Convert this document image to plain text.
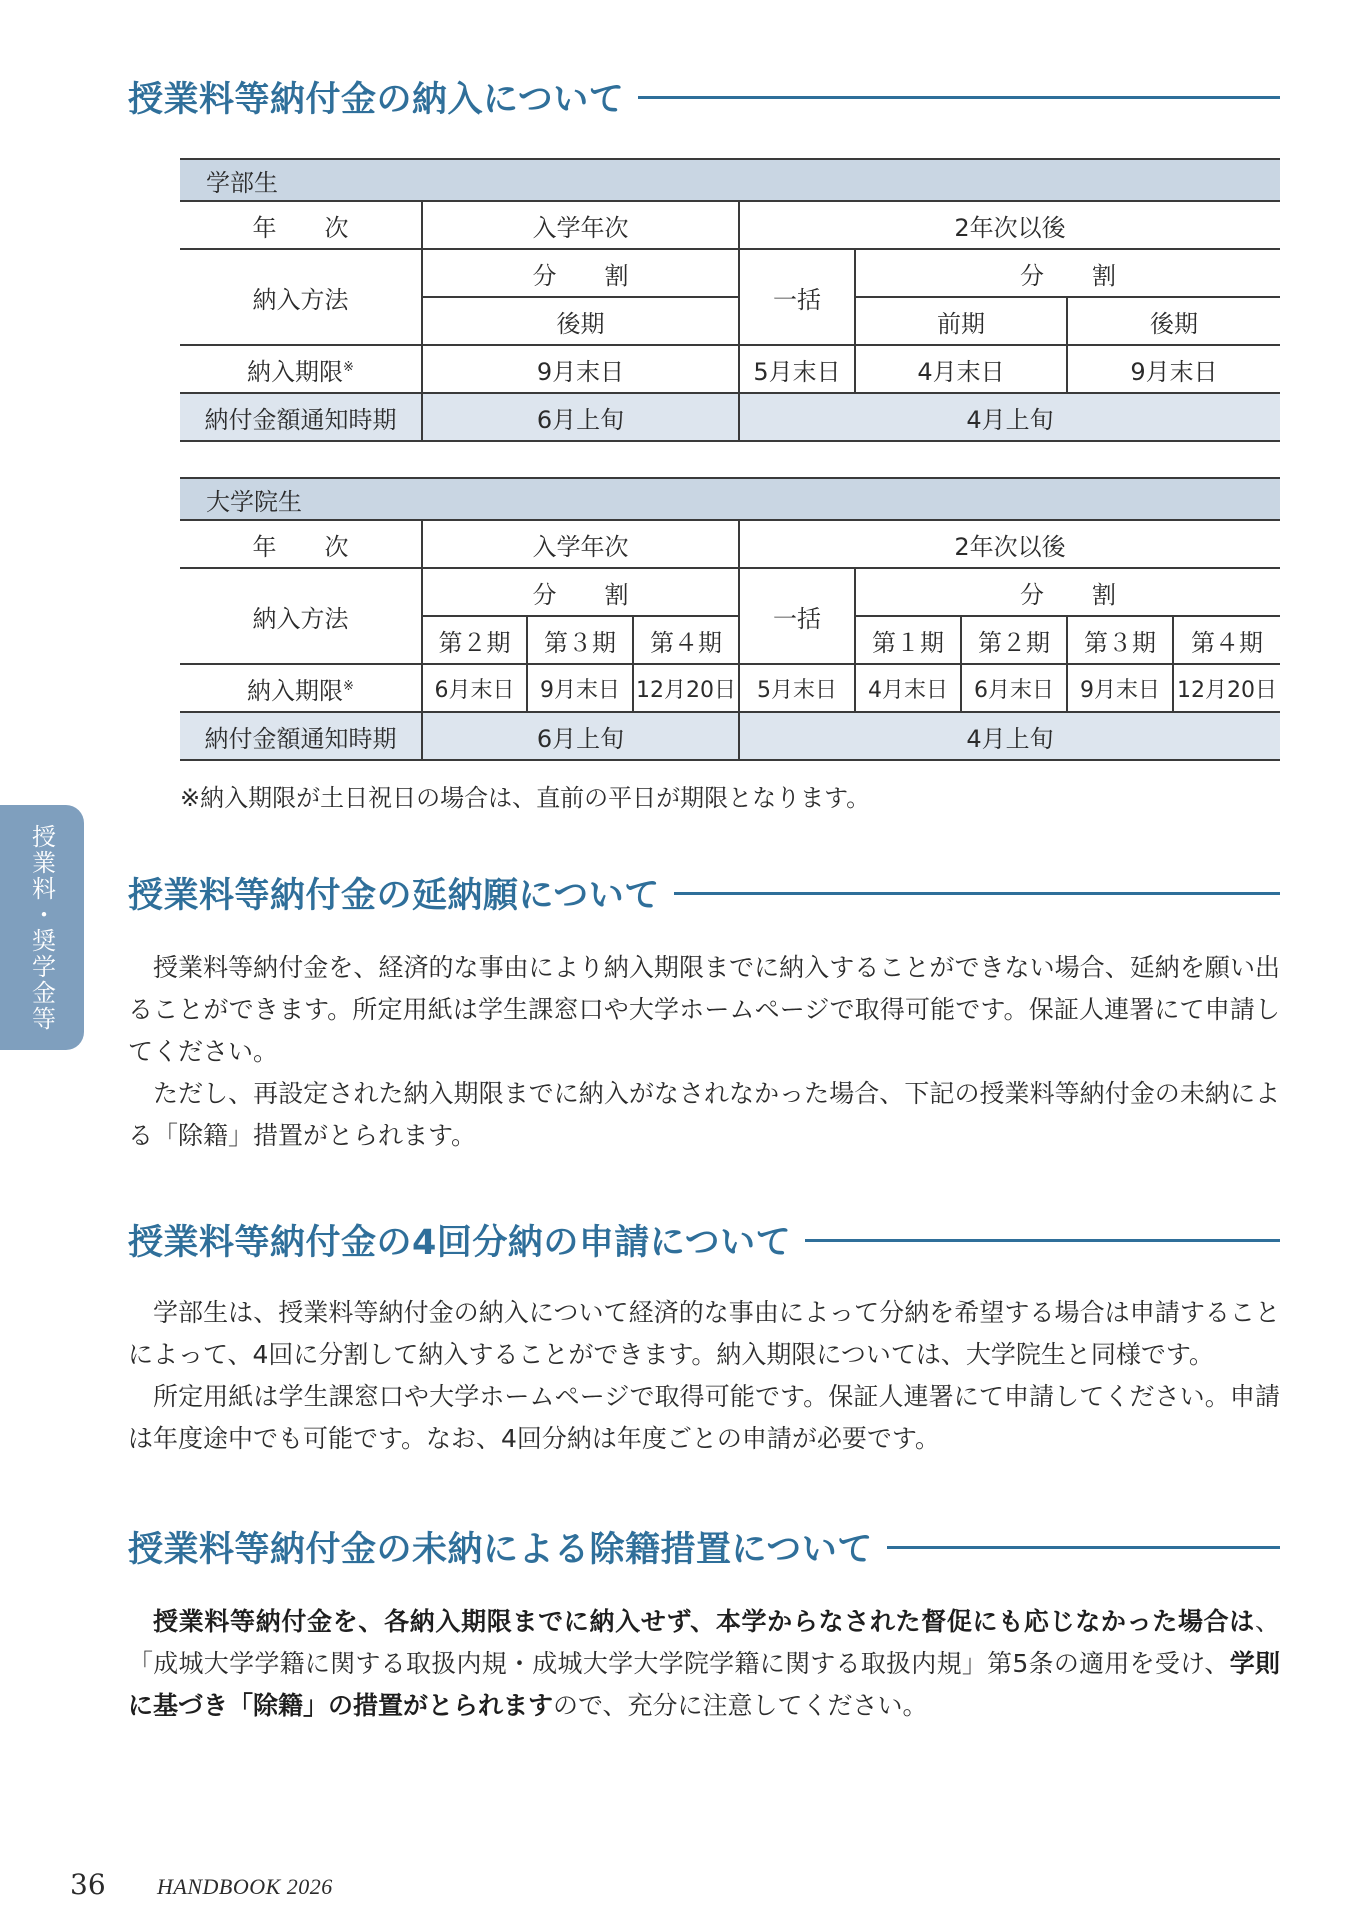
授業料等納付金の納入について
学部生				
年　　次	入学年次	2年次以後		
納入方法	分　　割	一括	分　　割	
	後期		前期	後期
納入期限※	9月末日	5月末日	4月末日	9月末日
納付金額通知時期	6月上旬	4月上旬		
大学院生								
年　　次	入学年次			2年次以後				
納入方法	分　　割			一括	分　　割			
	第２期	第３期	第４期		第１期	第２期	第３期	第４期
納入期限※	6月末日	9月末日	12月20日	5月末日	4月末日	6月末日	9月末日	12月20日
納付金額通知時期	6月上旬			4月上旬				
※納入期限が土日祝日の場合は、直前の平日が期限となります。
授業料・奨学金等 授業料等納付金の延納願について

授業料等納付金を、経済的な事由により納入期限までに納入することができない場合、延納を願い出ることができます。所定用紙は学生課窓口や大学ホームページで取得可能です。保証人連署にて申請してください。

ただし、再設定された納入期限までに納入がなされなかった場合、下記の授業料等納付金の未納による「除籍」措置がとられます。

授業料等納付金の4回分納の申請について

学部生は、授業料等納付金の納入について経済的な事由によって分納を希望する場合は申請することによって、4回に分割して納入することができます。納入期限については、大学院生と同様です。

所定用紙は学生課窓口や大学ホームページで取得可能です。保証人連署にて申請してください。申請は年度途中でも可能です。なお、4回分納は年度ごとの申請が必要です。

授業料等納付金の未納による除籍措置について

授業料等納付金を、各納入期限までに納入せず、本学からなされた督促にも応じなかった場合は、「成城大学学籍に関する取扱内規・成城大学大学院学籍に関する取扱内規」第5条の適用を受け、学則に基づき「除籍」の措置がとられますので、充分に注意してください。

36 HANDBOOK 2026
